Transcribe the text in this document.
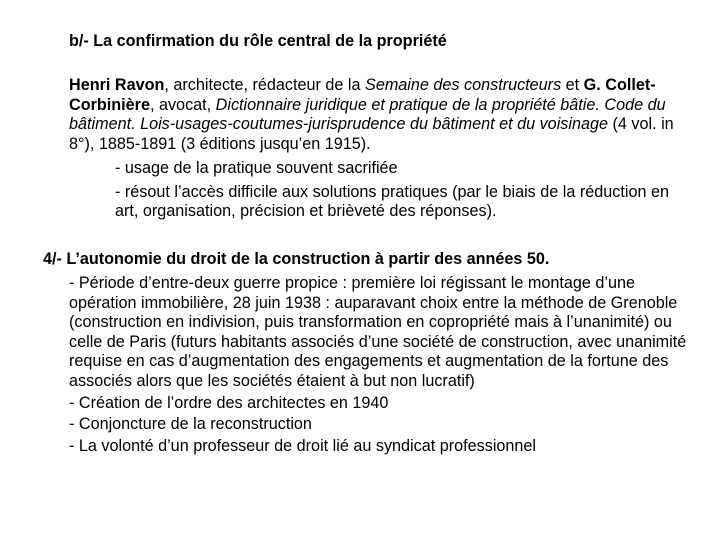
b/- La confirmation du rôle central de la propriété

Henri Ravon, architecte, rédacteur de la Semaine des constructeurs et G. Collet-Corbinière, avocat, Dictionnaire juridique et pratique de la propriété bâtie. Code du bâtiment. Lois-usages-coutumes-jurisprudence du bâtiment et du voisinage (4 vol. in 8°), 1885-1891 (3 éditions jusqu’en 1915).

- usage de la pratique souvent sacrifiée

- résout l’accès difficile aux solutions pratiques (par le biais de la réduction en art, organisation, précision et brièveté des réponses).

4/- L’autonomie du droit de la construction à partir des années 50.

- Période d’entre-deux guerre propice : première loi régissant le montage d’une opération immobilière, 28 juin 1938 : auparavant choix entre la méthode de Grenoble (construction en indivision, puis transformation en copropriété mais à l’unanimité) ou celle de Paris (futurs habitants associés d’une société de construction, avec unanimité requise en cas d’augmentation des engagements et augmentation de la fortune des associés alors que les sociétés étaient à but non lucratif)

- Création de l’ordre des architectes en 1940

- Conjoncture de la reconstruction

- La volonté d’un professeur de droit lié au syndicat professionnel
